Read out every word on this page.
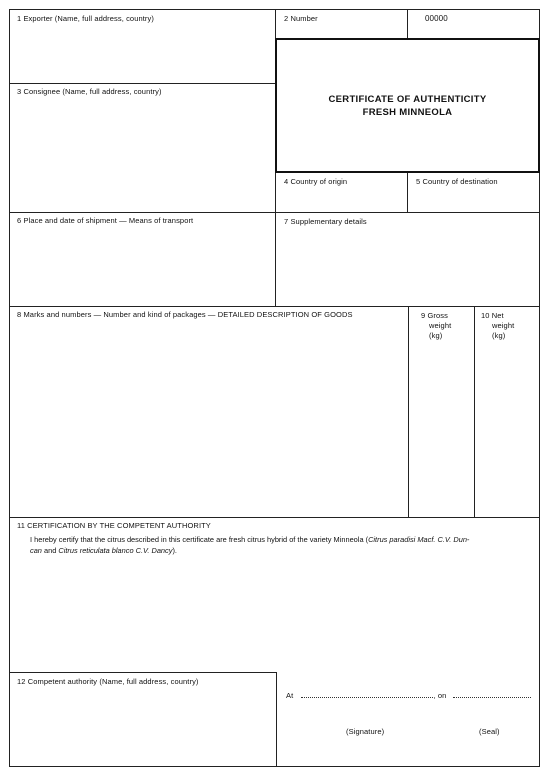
1 Exporter (Name, full address, country)	2 Number	00000
3 Consignee (Name, full address, country)
CERTIFICATE OF AUTHENTICITY
FRESH MINNEOLA
4 Country of origin	5 Country of destination
6 Place and date of shipment — Means of transport	7 Supplementary details
8 Marks and numbers — Number and kind of packages — DETAILED DESCRIPTION OF GOODS	9 Gross
weight
(kg)
10 Net
weight
(kg)
11 CERTIFICATION BY THE COMPETENT AUTHORITY
I hereby certify that the citrus described in this certificate are fresh citrus hybrid of the variety Minneola (Citrus paradisi Macf. C.V. Dun-
can and Citrus reticulata blanco C.V. Dancy).
12 Competent authority (Name, full address, country)
At	, on
(Signature)	(Seal)
